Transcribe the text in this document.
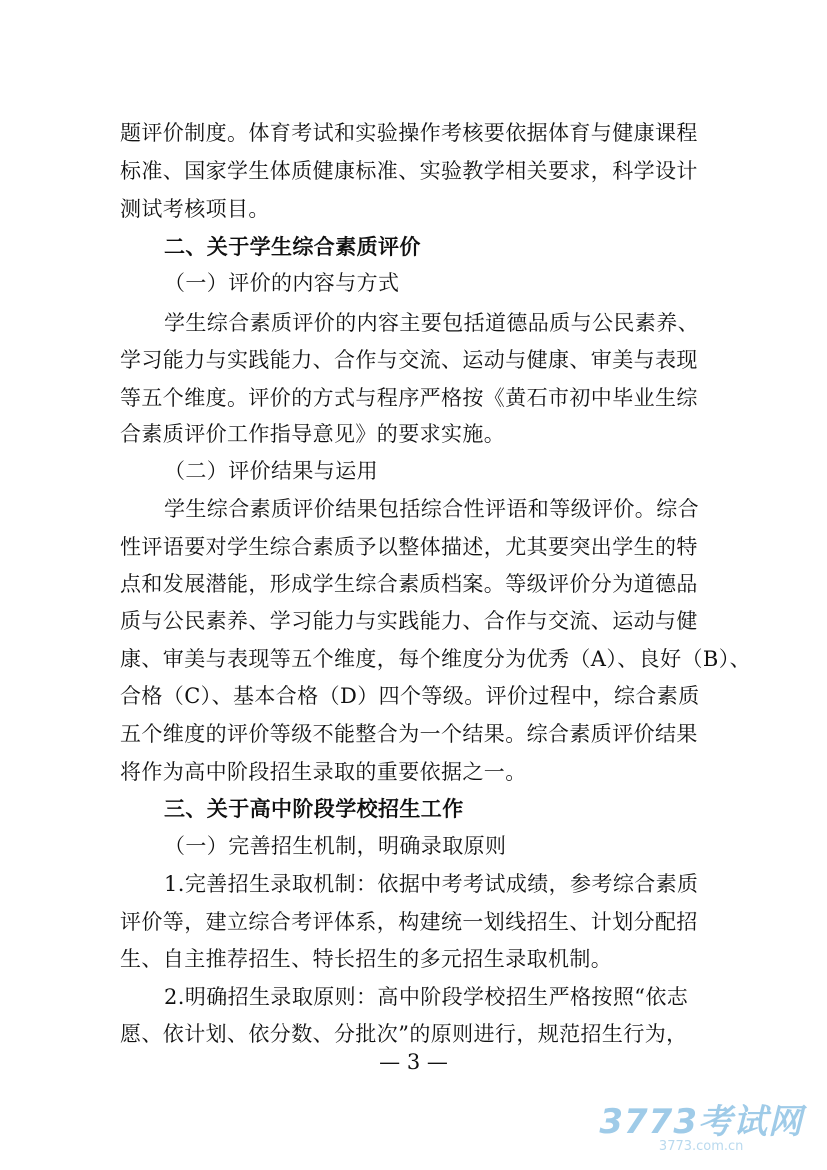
题评价制度。体育考试和实验操作考核要依据体育与健康课程
标准、国家学生体质健康标准、实验教学相关要求，科学设计
测试考核项目。
二、关于学生综合素质评价
（一）评价的内容与方式
学生综合素质评价的内容主要包括道德品质与公民素养、
学习能力与实践能力、合作与交流、运动与健康、审美与表现
等五个维度。评价的方式与程序严格按《黄石市初中毕业生综
合素质评价工作指导意见》的要求实施。
（二）评价结果与运用
学生综合素质评价结果包括综合性评语和等级评价。综合
性评语要对学生综合素质予以整体描述，尤其要突出学生的特
点和发展潜能，形成学生综合素质档案。等级评价分为道德品
质与公民素养、学习能力与实践能力、合作与交流、运动与健
康、审美与表现等五个维度，每个维度分为优秀（A）、良好（B）、
合格（C）、基本合格（D）四个等级。评价过程中，综合素质
五个维度的评价等级不能整合为一个结果。综合素质评价结果
将作为高中阶段招生录取的重要依据之一。
三、关于高中阶段学校招生工作
（一）完善招生机制，明确录取原则
1.完善招生录取机制：依据中考考试成绩，参考综合素质
评价等，建立综合考评体系，构建统一划线招生、计划分配招
生、自主推荐招生、特长招生的多元招生录取机制。
2.明确招生录取原则：高中阶段学校招生严格按照“依志
愿、依计划、依分数、分批次”的原则进行，规范招生行为，
— 3 —
3773考试网
3773.com.cn
